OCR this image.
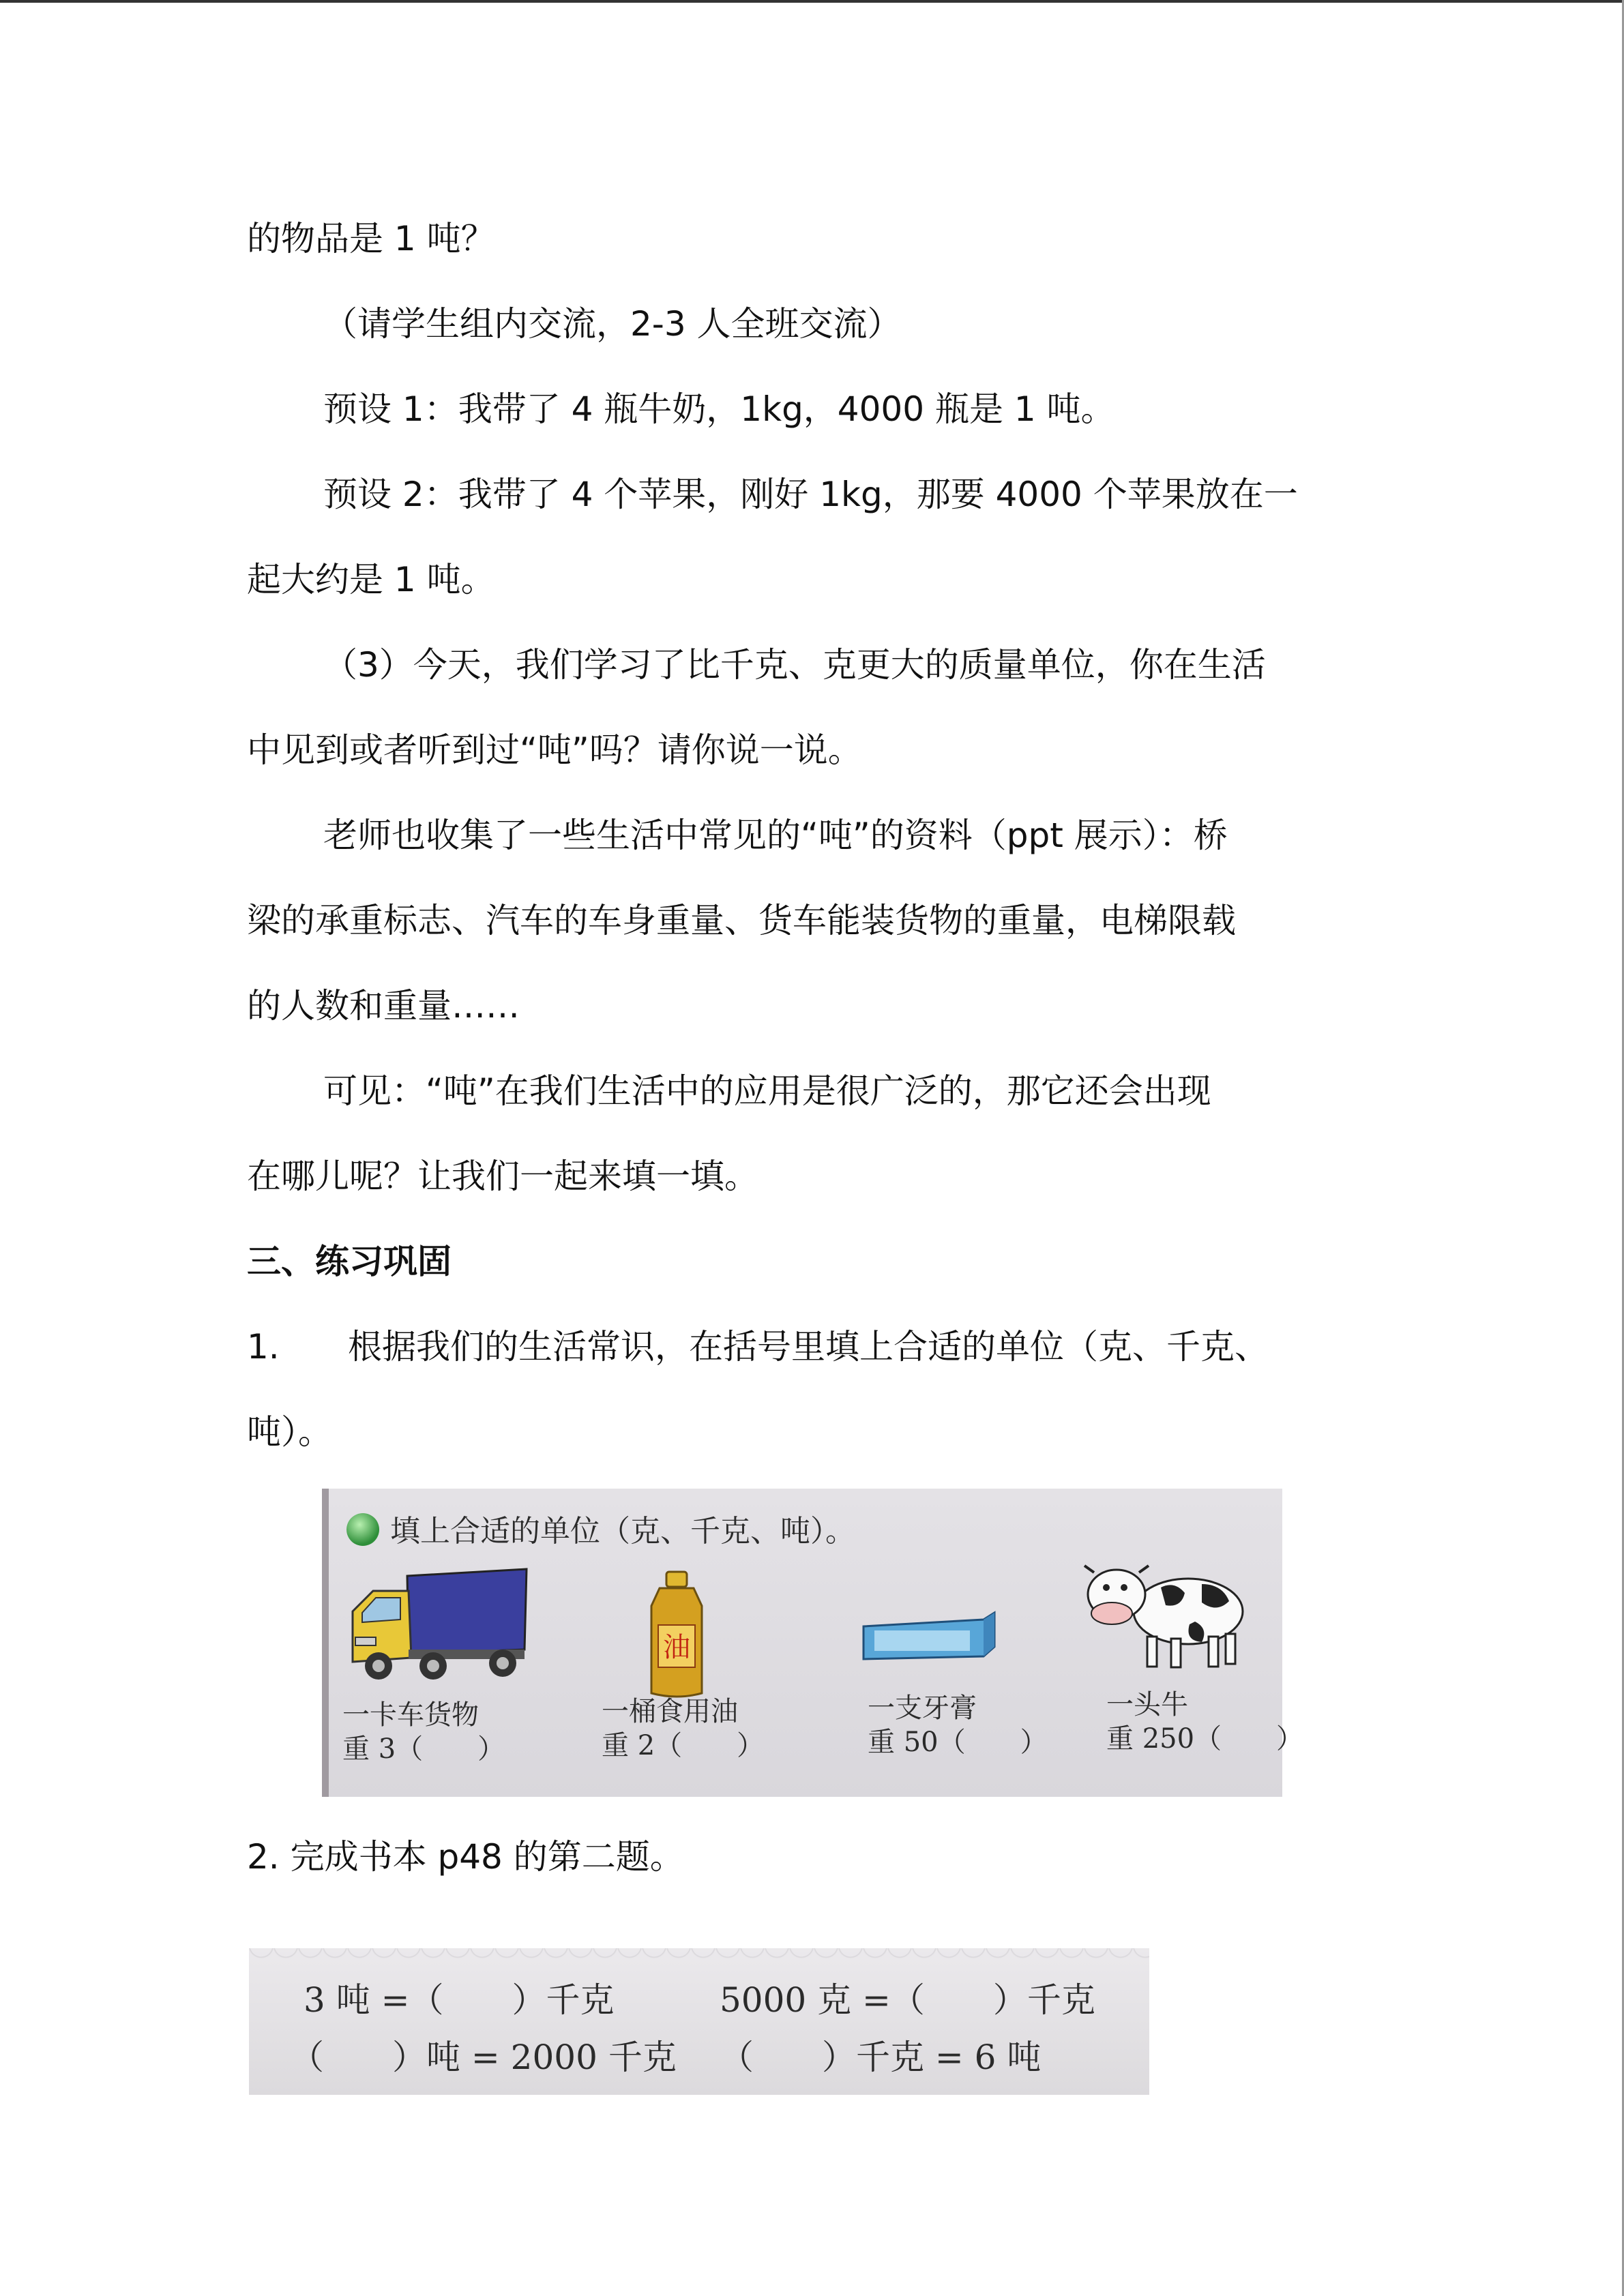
的物品是 1 吨？
（请学生组内交流，2-3 人全班交流）
预设 1：我带了 4 瓶牛奶，1kg，4000 瓶是 1 吨。
预设 2：我带了 4 个苹果，刚好 1kg，那要 4000 个苹果放在一
起大约是 1 吨。
（3）今天，我们学习了比千克、克更大的质量单位，你在生活
中见到或者听到过“吨”吗？请你说一说。
老师也收集了一些生活中常见的“吨”的资料（ppt 展示）：桥
梁的承重标志、汽车的车身重量、货车能装货物的重量，电梯限载
的人数和重量……
可见：“吨”在我们生活中的应用是很广泛的，那它还会出现
在哪儿呢？让我们一起来填一填。
三、练习巩固
1. 根据我们的生活常识，在括号里填上合适的单位（克、千克、
吨）。
填上合适的单位（克、千克、吨）。
一卡车货物
重 3（　　）
油
一桶食用油
重 2（　　）
一支牙膏
重 50（　　）
一头牛
重 250（　　）
2. 完成书本 p48 的第二题。
3 吨 =（　　）千克	5000 克 =（　　）千克
（　　）吨 = 2000 千克 （　　）千克 = 6 吨
